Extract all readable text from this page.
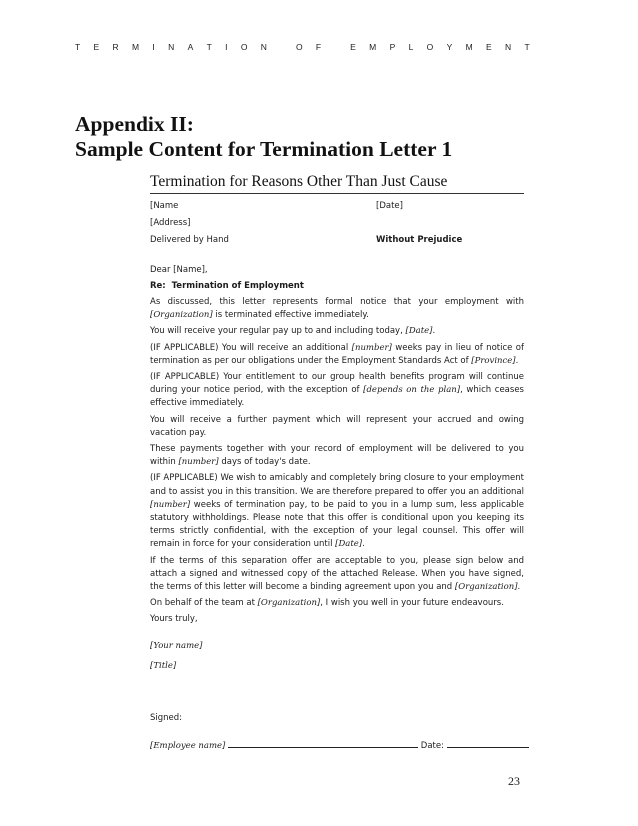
T E R M I N A T I O N
	O F
	E M P L O Y M E N T
Appendix II:
Sample Content for Termination Letter 1
Termination for Reasons Other Than Just Cause
[Name	[Date]
[Address]
Delivered by Hand	Without Prejudice

Dear [Name],

Re: Termination of Employment

As discussed, this letter represents formal notice that your employment with [Organization] is terminated effective immediately.

You will receive your regular pay up to and including today, [Date].

(IF APPLICABLE) You will receive an additional [number] weeks pay in lieu of notice of termination as per our obligations under the Employment Standards Act of [Province].

(IF APPLICABLE) Your entitlement to our group health benefits program will continue during your notice period, with the exception of [depends on the plan], which ceases effective immediately.

You will receive a further payment which will represent your accrued and owing vacation pay.

These payments together with your record of employment will be delivered to you within [number] days of today's date.

(IF APPLICABLE) We wish to amicably and completely bring closure to your employment and to assist you in this transition. We are therefore prepared to offer you an additional [number] weeks of termination pay, to be paid to you in a lump sum, less applicable statutory withholdings. Please note that this offer is conditional upon you keeping its terms strictly confidential, with the exception of your legal counsel. This offer will remain in force for your consideration until [Date].

If the terms of this separation offer are acceptable to you, please sign below and attach a signed and witnessed copy of the attached Release. When you have signed, the terms of this letter will become a binding agreement upon you and [Organization].

On behalf of the team at [Organization], I wish you well in your future endeavours.

Yours truly,

[Your name]

[Title]

Signed:

[Employee name]	Date:
23
